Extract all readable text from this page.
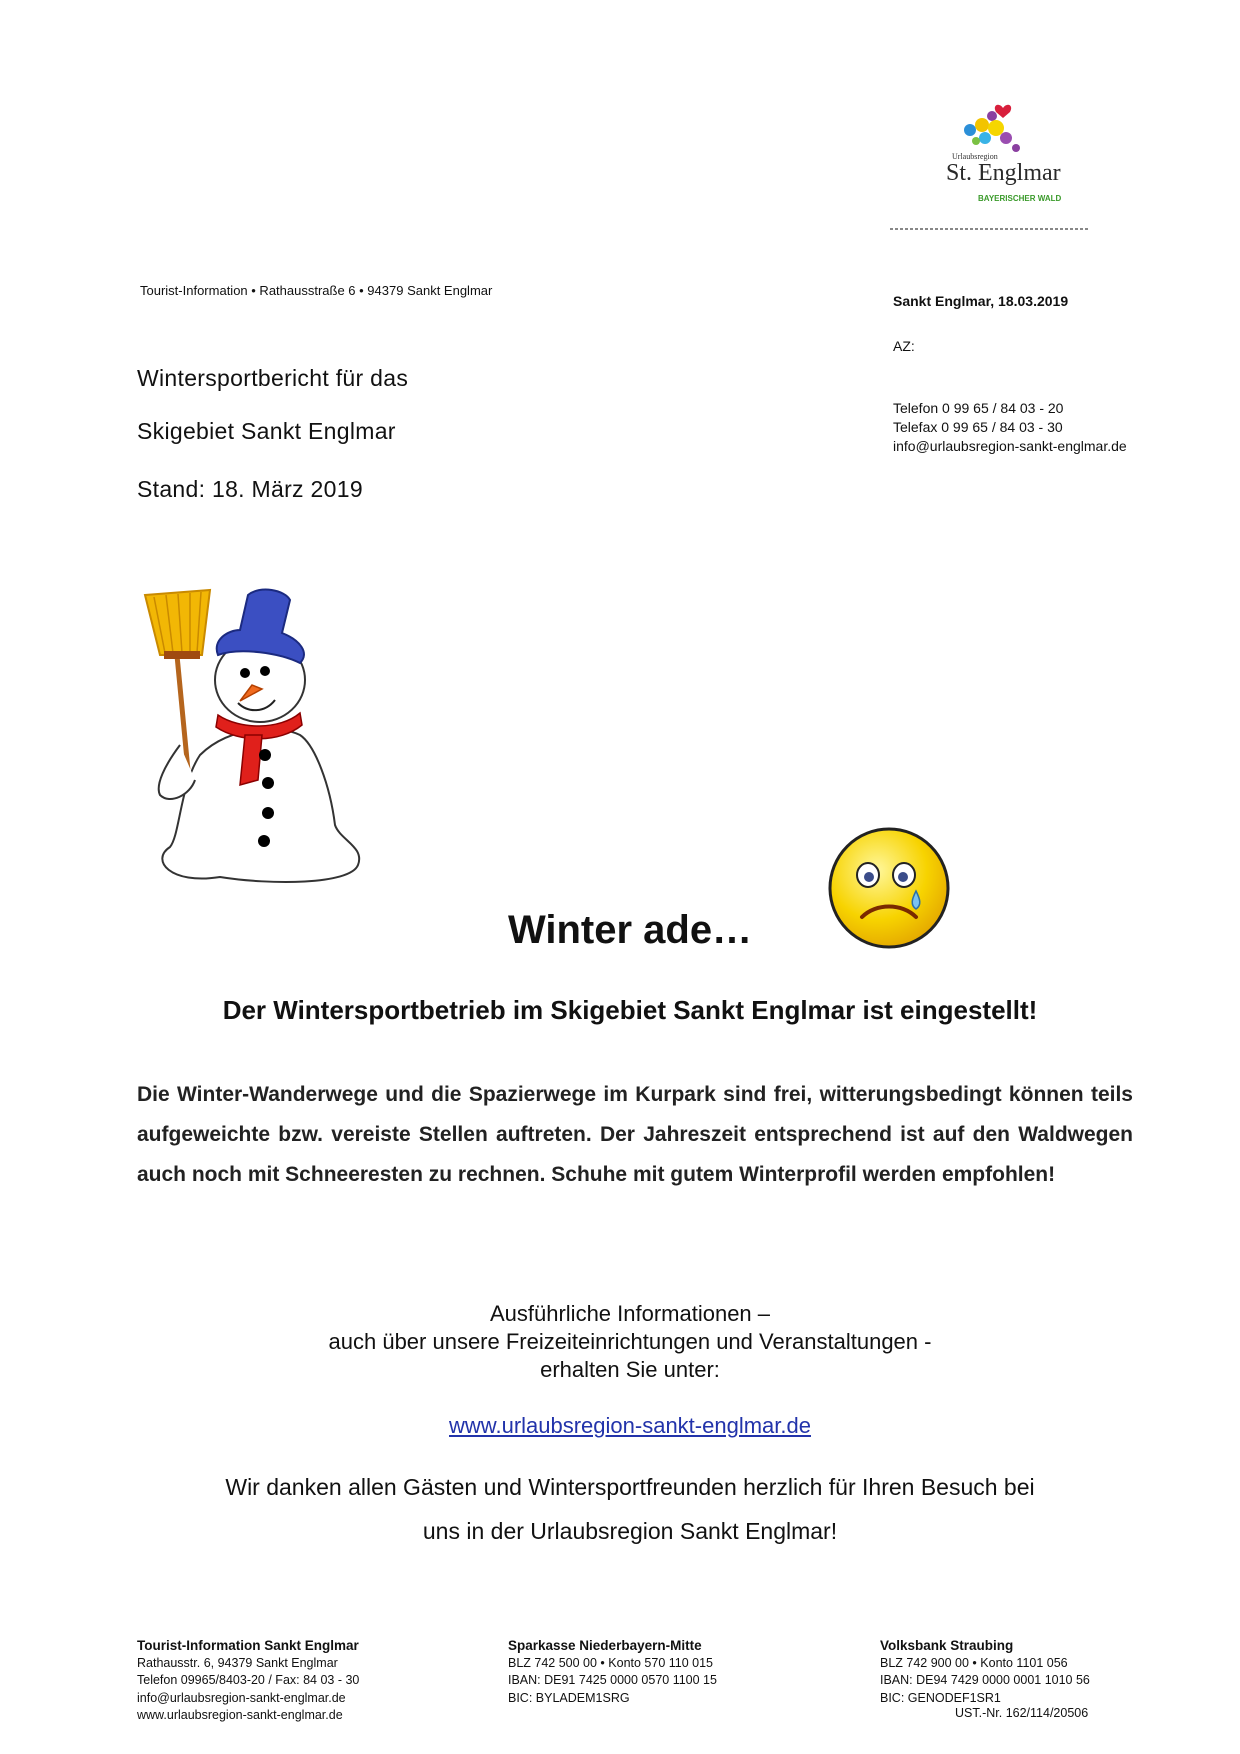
Urlaubsregion
St. Englmar
BAYERISCHER WALD
Tourist-Information • Rathausstraße 6 • 94379 Sankt Englmar
Sankt Englmar, 18.03.2019
AZ:
Telefon 0 99 65 / 84 03 - 20
Telefax 0 99 65 / 84 03 - 30
info@urlaubsregion-sankt-englmar.de
Wintersportbericht für das
Skigebiet Sankt Englmar
Stand: 18. März 2019
Winter ade…
Der Wintersportbetrieb im Skigebiet Sankt Englmar ist eingestellt!
Die Winter-Wanderwege und die Spazierwege im Kurpark sind frei, witterungsbedingt können teils aufgeweichte bzw. vereiste Stellen auftreten. Der Jahreszeit entsprechend ist auf den Waldwegen auch noch mit Schneeresten zu rechnen. Schuhe mit gutem Winterprofil werden empfohlen!
Ausführliche Informationen –
auch über unsere Freizeiteinrichtungen und Veranstaltungen -
erhalten Sie unter:
www.urlaubsregion-sankt-englmar.de
Wir danken allen Gästen und Wintersportfreunden herzlich für Ihren Besuch bei
uns in der Urlaubsregion Sankt Englmar!
Tourist-Information Sankt Englmar
Rathausstr. 6, 94379 Sankt Englmar
Telefon 09965/8403-20 / Fax: 84 03 - 30
info@urlaubsregion-sankt-englmar.de
www.urlaubsregion-sankt-englmar.de
Sparkasse Niederbayern-Mitte
BLZ 742 500 00 • Konto 570 110 015
IBAN: DE91 7425 0000 0570 1100 15
BIC: BYLADEM1SRG
Volksbank Straubing
BLZ 742 900 00 • Konto 1101 056
IBAN: DE94 7429 0000 0001 1010 56
BIC: GENODEF1SR1
UST.-Nr. 162/114/20506
